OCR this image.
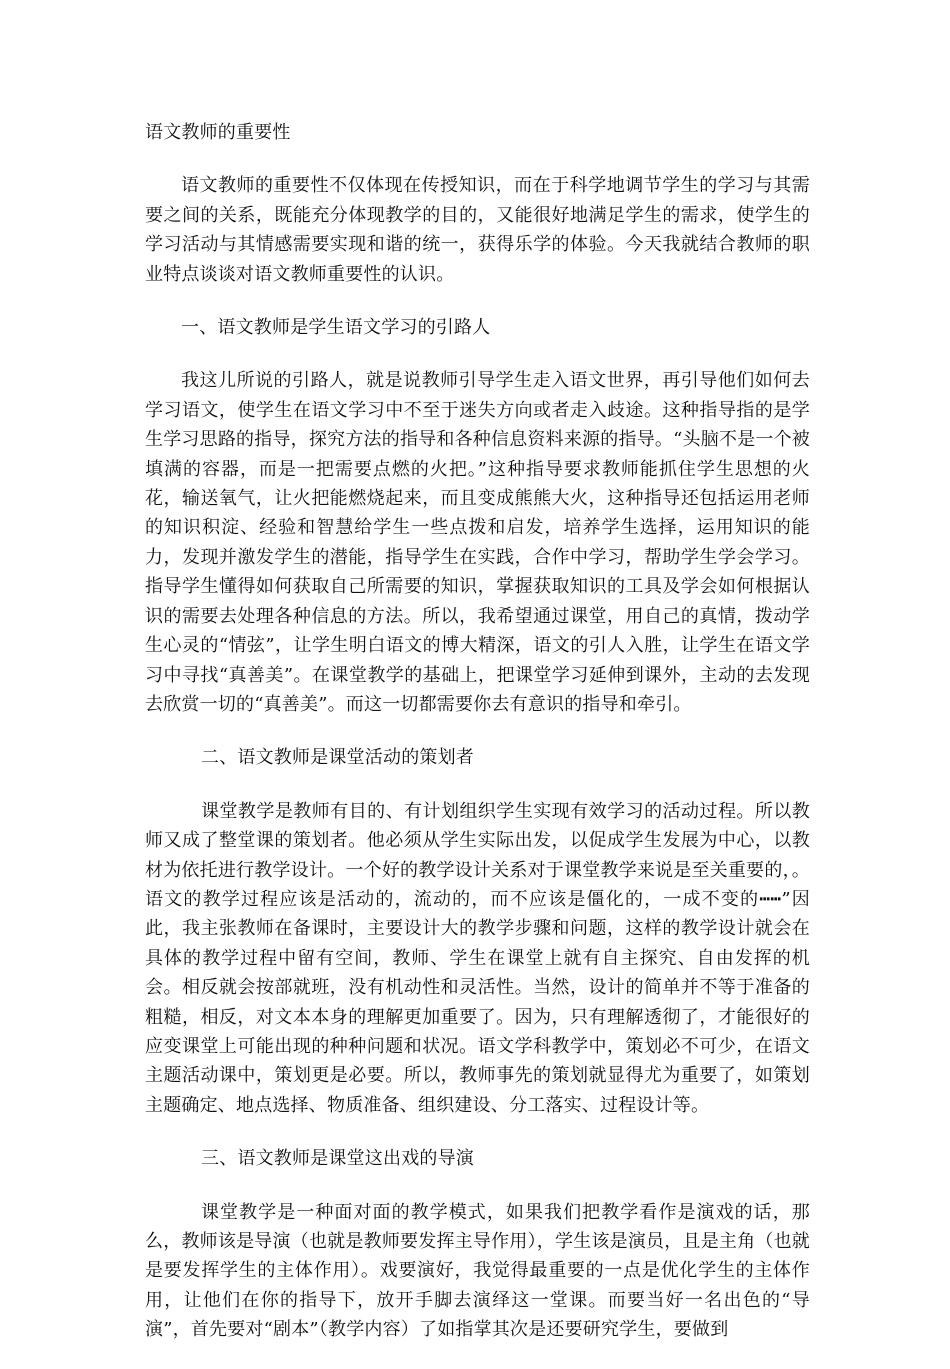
语文教师的重要性

语文教师的重要性不仅体现在传授知识，而在于科学地调节学生的学习与其需要之间的关系，既能充分体现教学的目的，又能很好地满足学生的需求，使学生的学习活动与其情感需要实现和谐的统一，获得乐学的体验。今天我就结合教师的职业特点谈谈对语文教师重要性的认识。

一、语文教师是学生语文学习的引路人

我这儿所说的引路人，就是说教师引导学生走入语文世界，再引导他们如何去学习语文，使学生在语文学习中不至于迷失方向或者走入歧途。这种指导指的是学生学习思路的指导，探究方法的指导和各种信息资料来源的指导。“头脑不是一个被填满的容器，而是一把需要点燃的火把。”这种指导要求教师能抓住学生思想的火花，输送氧气，让火把能燃烧起来，而且变成熊熊大火，这种指导还包括运用老师的知识积淀、经验和智慧给学生一些点拨和启发，培养学生选择，运用知识的能力，发现并激发学生的潜能，指导学生在实践，合作中学习，帮助学生学会学习。指导学生懂得如何获取自己所需要的知识，掌握获取知识的工具及学会如何根据认识的需要去处理各种信息的方法。所以，我希望通过课堂，用自己的真情，拨动学生心灵的“情弦”，让学生明白语文的博大精深，语文的引人入胜，让学生在语文学习中寻找“真善美”。在课堂教学的基础上，把课堂学习延伸到课外，主动的去发现去欣赏一切的“真善美”。而这一切都需要你去有意识的指导和牵引。

二、语文教师是课堂活动的策划者

课堂教学是教师有目的、有计划组织学生实现有效学习的活动过程。所以教师又成了整堂课的策划者。他必须从学生实际出发，以促成学生发展为中心，以教材为依托进行教学设计。一个好的教学设计关系对于课堂教学来说是至关重要的，。语文的教学过程应该是活动的，流动的，而不应该是僵化的，一成不变的┅┅”因此，我主张教师在备课时，主要设计大的教学步骤和问题，这样的教学设计就会在具体的教学过程中留有空间，教师、学生在课堂上就有自主探究、自由发挥的机会。相反就会按部就班，没有机动性和灵活性。当然，设计的简单并不等于准备的粗糙，相反，对文本本身的理解更加重要了。因为，只有理解透彻了，才能很好的应变课堂上可能出现的种种问题和状况。语文学科教学中，策划必不可少，在语文主题活动课中，策划更是必要。所以，教师事先的策划就显得尤为重要了，如策划主题确定、地点选择、物质准备、组织建设、分工落实、过程设计等。

三、语文教师是课堂这出戏的导演

课堂教学是一种面对面的教学模式，如果我们把教学看作是演戏的话，那么，教师该是导演（也就是教师要发挥主导作用），学生该是演员，且是主角（也就是要发挥学生的主体作用）。戏要演好，我觉得最重要的一点是优化学生的主体作用，让他们在你的指导下，放开手脚去演绎这一堂课。而要当好一名出色的“导演”，首先要对“剧本”（教学内容）了如指掌其次是还要研究学生，要做到
